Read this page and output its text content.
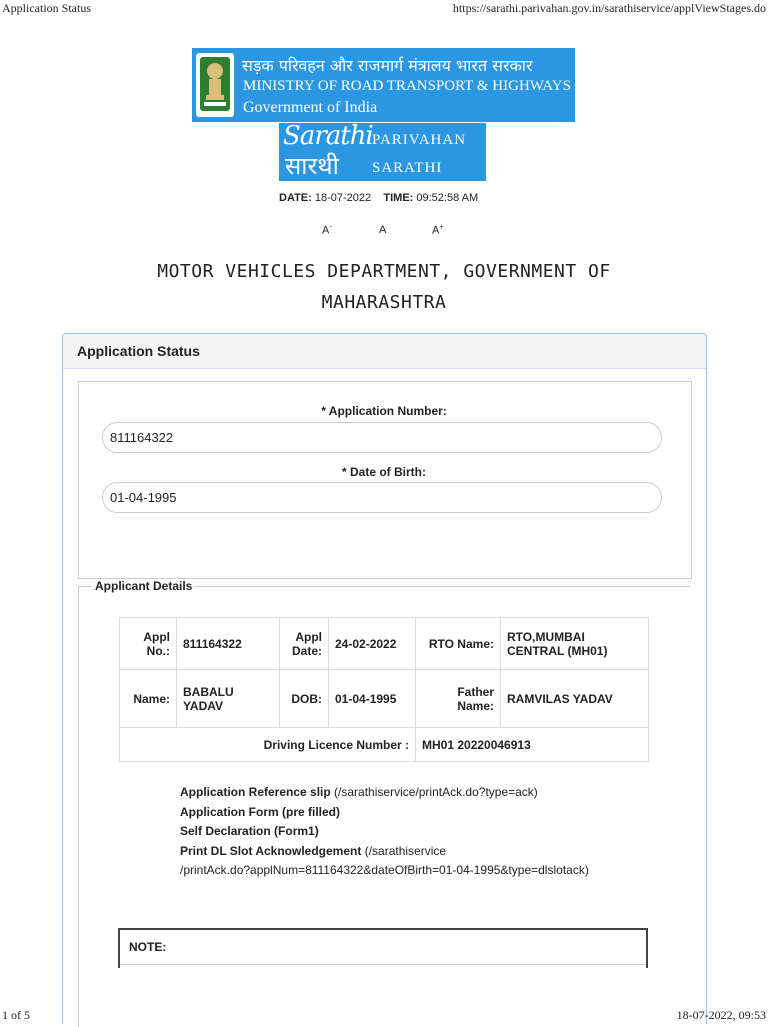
Application Status	https://sarathi.parivahan.gov.in/sarathiservice/applViewStages.do
सड़क परिवहन और राजमार्ग मंत्रालय भारत सरकार
MINISTRY OF ROAD TRANSPORT & HIGHWAYS
Government of India
Sarathi
सारथी
PARIVAHAN
SARATHI
DATE: 18-07-2022 TIME: 09:52:58 AM
A-	A	A+
MOTOR VEHICLES DEPARTMENT, GOVERNMENT OF
MAHARASHTRA
Application Status
* Application Number:
811164322
* Date of Birth:
01-04-1995
Applicant Details
Appl No.:	811164322	Appl Date:	24-02-2022	RTO Name:	RTO,MUMBAI CENTRAL (MH01)
Name:	BABALU YADAV	DOB:	01-04-1995	Father Name:	RAMVILAS YADAV
Driving Licence Number :				MH01 20220046913	
Application Reference slip (/sarathiservice/printAck.do?type=ack)
Application Form (pre filled)
Self Declaration (Form1)
Print DL Slot Acknowledgement (/sarathiservice
/printAck.do?applNum=811164322&dateOfBirth=01-04-1995&type=dlslotack)
NOTE:
1 of 5	18-07-2022, 09:53
